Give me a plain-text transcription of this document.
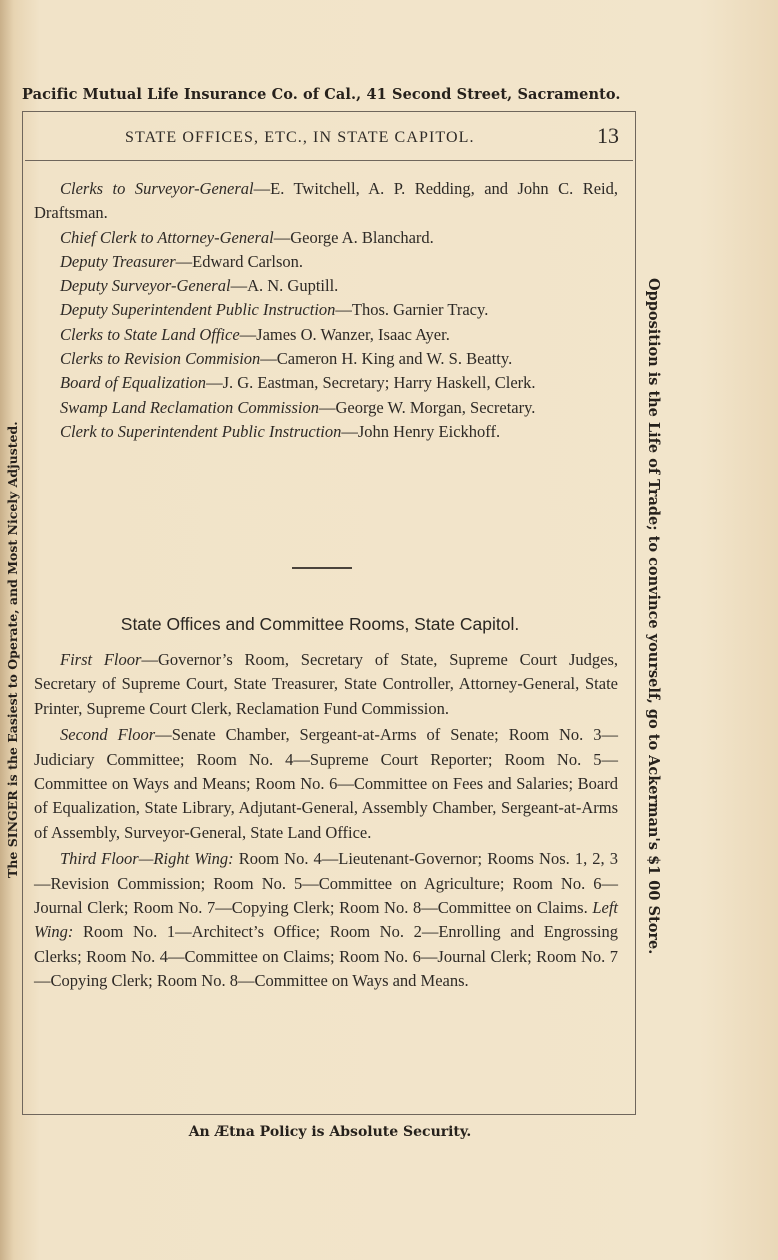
Pacific Mutual Life Insurance Co. of Cal., 41 Second Street, Sacramento.
The SINGER is the Easiest to Operate, and Most Nicely Adjusted.	Opposition is the Life of Trade; to convince yourself, go to Ackerman's $1 00 Store.
STATE OFFICES, ETC., IN STATE CAPITOL.	13

Clerks to Surveyor-General—E. Twitchell, A. P. Redding, and John C. Reid, Draftsman.

Chief Clerk to Attorney-General—George A. Blanchard.

Deputy Treasurer—Edward Carlson.

Deputy Surveyor-General—A. N. Guptill.

Deputy Superintendent Public Instruction—Thos. Garnier Tracy.

Clerks to State Land Office—James O. Wanzer, Isaac Ayer.

Clerks to Revision Commision—Cameron H. King and W. S. Beatty.

Board of Equalization—J. G. Eastman, Secretary; Harry Haskell, Clerk.

Swamp Land Reclamation Commission—George W. Morgan, Secretary.

Clerk to Superintendent Public Instruction—John Henry Eickhoff.

State Offices and Committee Rooms, State Capitol.

First Floor—Governor’s Room, Secretary of State, Supreme Court Judges, Secretary of Supreme Court, State Treasurer, State Controller, Attorney-General, State Printer, Supreme Court Clerk, Reclamation Fund Commission.

Second Floor—Senate Chamber, Sergeant-at-Arms of Senate; Room No. 3—Judiciary Committee; Room No. 4—Supreme Court Reporter; Room No. 5—Committee on Ways and Means; Room No. 6—Committee on Fees and Salaries; Board of Equalization, State Library, Adjutant-General, Assembly Chamber, Sergeant-at-Arms of Assembly, Surveyor-General, State Land Office.

Third Floor—Right Wing: Room No. 4—Lieutenant-Governor; Rooms Nos. 1, 2, 3—Revision Commission; Room No. 5—Committee on Agriculture; Room No. 6—Journal Clerk; Room No. 7—Copying Clerk; Room No. 8—Committee on Claims. Left Wing: Room No. 1—Architect’s Office; Room No. 2—Enrolling and Engrossing Clerks; Room No. 4—Committee on Claims; Room No. 6—Journal Clerk; Room No. 7—Copying Clerk; Room No. 8—Committee on Ways and Means.

An Ætna Policy is Absolute Security.
